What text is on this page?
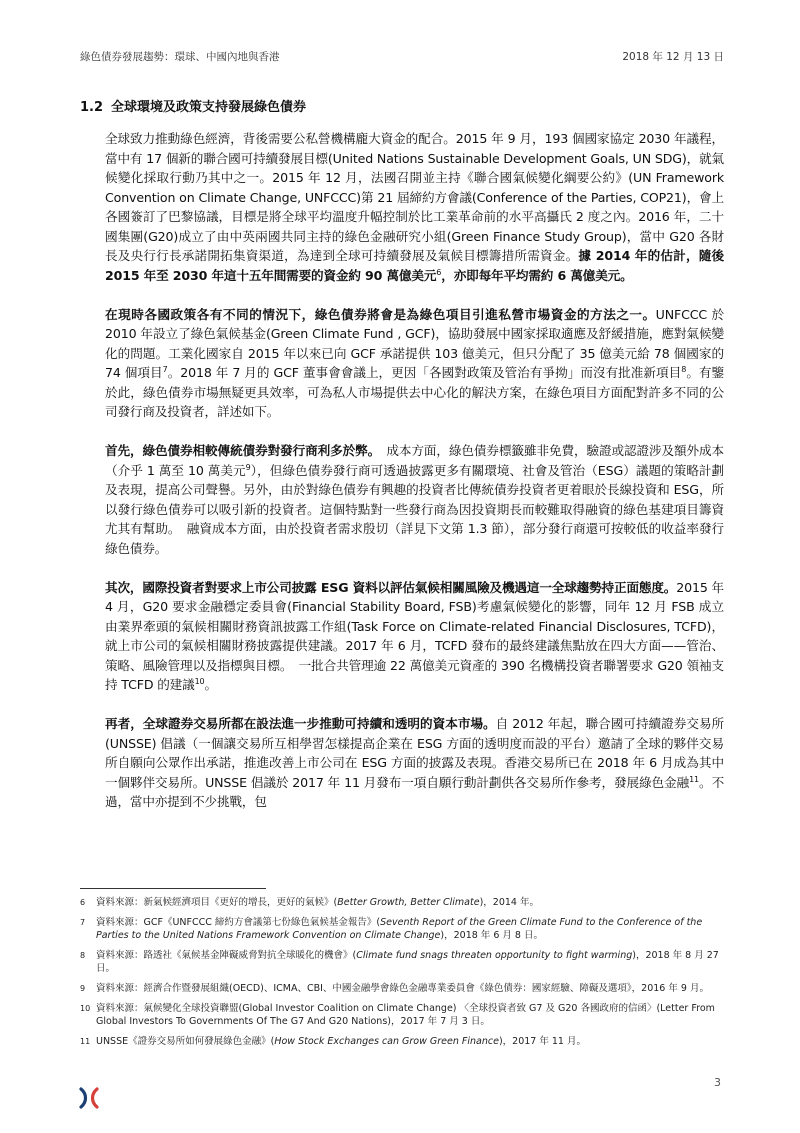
綠色債券發展趨勢：環球、中國內地與香港	2018 年 12 月 13 日
1.2 全球環境及政策支持發展綠色債券

全球致力推動綠色經濟，背後需要公私營機構龐大資金的配合。2015 年 9 月，193 個國家協定 2030 年議程，當中有 17 個新的聯合國可持續發展目標(United Nations Sustainable Development Goals, UN SDG)，就氣候變化採取行動乃其中之一。2015 年 12 月，法國召開並主持《聯合國氣候變化綱要公約》(UN Framework Convention on Climate Change, UNFCCC)第 21 屆締約方會議(Conference of the Parties, COP21)，會上各國簽訂了巴黎協議，目標是將全球平均溫度升幅控制於比工業革命前的水平高攝氏 2 度之內。2016 年，二十國集團(G20)成立了由中英兩國共同主持的綠色金融研究小組(Green Finance Study Group)，當中 G20 各財長及央行行長承諾開拓集資渠道，為達到全球可持續發展及氣候目標籌措所需資金。據 2014 年的估計，隨後 2015 年至 2030 年這十五年間需要的資金約 90 萬億美元$^6$，亦即每年平均需約 6 萬億美元。

在現時各國政策各有不同的情況下，綠色債券將會是為綠色項目引進私營市場資金的方法之一。UNFCCC 於 2010 年設立了綠色氣候基金(Green Climate Fund , GCF)，協助發展中國家採取適應及舒緩措施，應對氣候變化的問題。工業化國家自 2015 年以來已向 GCF 承諾提供 103 億美元，但只分配了 35 億美元給 78 個國家的 74 個項目$^7$。2018 年 7 月的 GCF 董事會會議上，更因「各國對政策及管治有爭拗」而沒有批准新項目$^8$。有鑒於此，綠色債券市場無疑更具效率，可為私人市場提供去中心化的解決方案，在綠色項目方面配對許多不同的公司發行商及投資者，詳述如下。

首先，綠色債券相較傳統債券對發行商利多於弊。　成本方面，綠色債券標籤雖非免費，驗證或認證涉及額外成本（介乎 1 萬至 10 萬美元$^9$），但綠色債券發行商可透過披露更多有關環境、社會及管治（ESG）議題的策略計劃及表現，提高公司聲譽。另外，由於對綠色債券有興趣的投資者比傳統債券投資者更着眼於長線投資和 ESG，所以發行綠色債券可以吸引新的投資者。這個特點對一些發行商為因投資期長而較難取得融資的綠色基建項目籌資尤其有幫助。　融資成本方面，由於投資者需求殷切（詳見下文第 1.3 節），部分發行商還可按較低的收益率發行綠色債券。

其次，國際投資者對要求上市公司披露 ESG 資料以評估氣候相關風險及機遇這一全球趨勢持正面態度。2015 年 4 月，G20 要求金融穩定委員會(Financial Stability Board, FSB)考慮氣候變化的影響，同年 12 月 FSB 成立由業界牽頭的氣候相關財務資訊披露工作組(Task Force on Climate-related Financial Disclosures, TCFD)，就上市公司的氣候相關財務披露提供建議。2017 年 6 月，TCFD 發布的最終建議焦點放在四大方面——管治、策略、風險管理以及指標與目標。　一批合共管理逾 22 萬億美元資產的 390 名機構投資者聯署要求 G20 領袖支持 TCFD 的建議$^{10}$。

再者，全球證券交易所都在設法進一步推動可持續和透明的資本市場。自 2012 年起，聯合國可持續證券交易所(UNSSE) 倡議（一個讓交易所互相學習怎樣提高企業在 ESG 方面的透明度而設的平台）邀請了全球的夥伴交易所自願向公眾作出承諾，推進改善上市公司在 ESG 方面的披露及表現。香港交易所已在 2018 年 6 月成為其中一個夥伴交易所。UNSSE 倡議於 2017 年 11 月發布一項自願行動計劃供各交易所作參考，發展綠色金融$^{11}$。不過，當中亦提到不少挑戰，包

6	資料來源：新氣候經濟項目《更好的增長，更好的氣候》(Better Growth, Better Climate)，2014 年。
7	資料來源：GCF《UNFCCC 締約方會議第七份綠色氣候基金報告》(Seventh Report of the Green Climate Fund to the Conference of the Parties to the United Nations Framework Convention on Climate Change)，2018 年 6 月 8 日。
8	資料來源：路透社《氣候基金陣礙威脅對抗全球暖化的機會》(Climate fund snags threaten opportunity to fight warming)，2018 年 8 月 27 日。
9	資料來源：經濟合作暨發展組織(OECD)、ICMA、CBI、中國金融學會綠色金融專業委員會《綠色債券：國家經驗、障礙及選項》，2016 年 9 月。
10 資料來源：氣候變化全球投資聯盟(Global Investor Coalition on Climate Change) 〈全球投資者致 G7 及 G20 各國政府的信函〉(Letter From Global Investors To Governments Of The G7 And G20 Nations)，2017 年 7 月 3 日。
11 UNSSE《證券交易所如何發展綠色金融》(How Stock Exchanges can Grow Green Finance)，2017 年 11 月。
3
